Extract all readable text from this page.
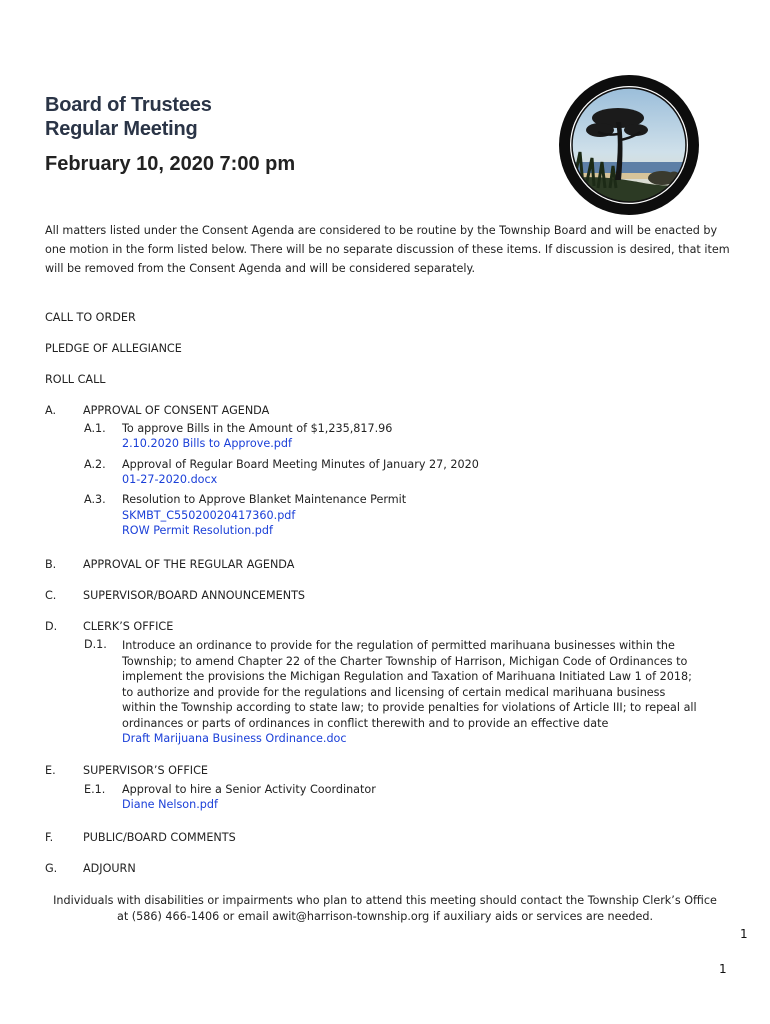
Board of Trustees
Regular Meeting
February 10, 2020 7:00 pm
All matters listed under the Consent Agenda are considered to be routine by the Township Board and will be enacted by one motion in the form listed below. There will be no separate discussion of these items. If discussion is desired, that item will be removed from the Consent Agenda and will be considered separately.
CALL TO ORDER
PLEDGE OF ALLEGIANCE
ROLL CALL
A. APPROVAL OF CONSENT AGENDA
A.1. To approve Bills in the Amount of $1,235,817.96
2.10.2020 Bills to Approve.pdf
A.2. Approval of Regular Board Meeting Minutes of January 27, 2020
01-27-2020.docx
A.3. Resolution to Approve Blanket Maintenance Permit
SKMBT_C55020020417360.pdf
ROW Permit Resolution.pdf
B. APPROVAL OF THE REGULAR AGENDA
C. SUPERVISOR/BOARD ANNOUNCEMENTS
D. CLERK’S OFFICE
D.1. Introduce an ordinance to provide for the regulation of permitted marihuana businesses within the Township; to amend Chapter 22 of the Charter Township of Harrison, Michigan Code of Ordinances to implement the provisions the Michigan Regulation and Taxation of Marihuana Initiated Law 1 of 2018; to authorize and provide for the regulations and licensing of certain medical marihuana business within the Township according to state law; to provide penalties for violations of Article III; to repeal all ordinances or parts of ordinances in conflict therewith and to provide an effective date
Draft Marijuana Business Ordinance.doc
E. SUPERVISOR’S OFFICE
E.1. Approval to hire a Senior Activity Coordinator
Diane Nelson.pdf
F.	PUBLIC/BOARD COMMENTS
G. ADJOURN
Individuals with disabilities or impairments who plan to attend this meeting should contact the Township Clerk’s Office
at (586) 466-1406 or email awit@harrison-township.org if auxiliary aids or services are needed.
1
1
